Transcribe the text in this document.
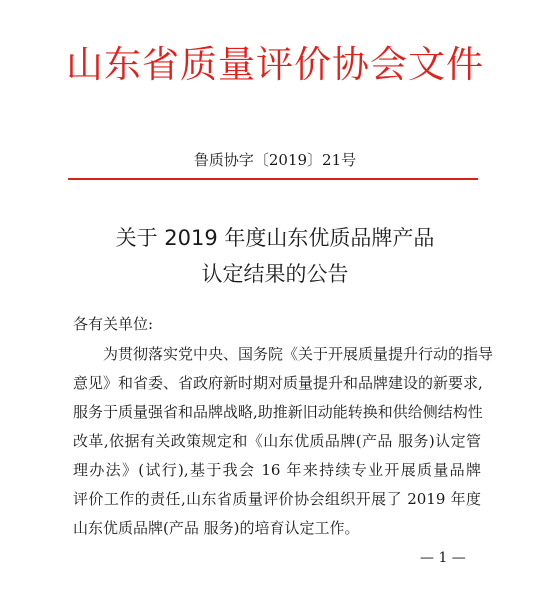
山东省质量评价协会文件
鲁质协字〔2019〕21号
关于 2019 年度山东优质品牌产品
认定结果的公告
各有关单位:
为贯彻落实党中央、国务院《关于开展质量提升行动的指导
意见》和省委、省政府新时期对质量提升和品牌建设的新要求,
服务于质量强省和品牌战略,助推新旧动能转换和供给侧结构性
改革,依据有关政策规定和《山东优质品牌(产品 服务)认定管
理办法》(试行),基于我会 16 年来持续专业开展质量品牌
评价工作的责任,山东省质量评价协会组织开展了 2019 年度
山东优质品牌(产品 服务)的培育认定工作。
— 1 —
